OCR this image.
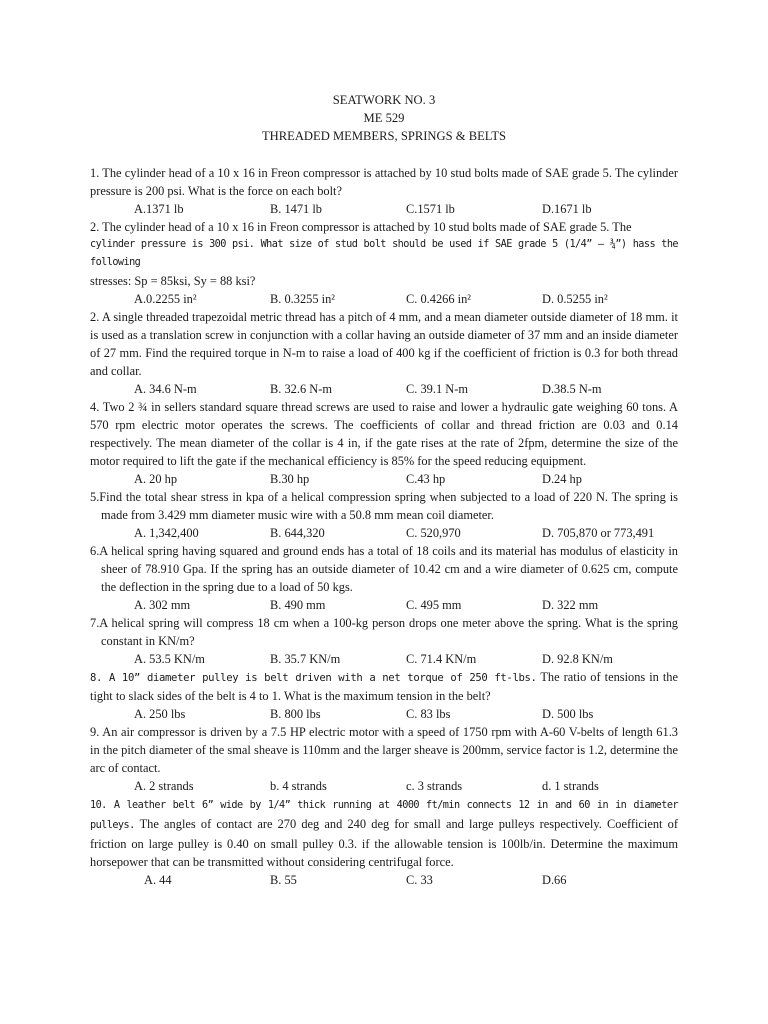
SEATWORK NO. 3
ME 529
THREADED MEMBERS, SPRINGS & BELTS

1. The cylinder head of a 10 x 16 in Freon compressor is attached by 10 stud bolts made of SAE grade 5. The cylinder pressure is 200 psi. What is the force on each bolt?

A.1371 lb	B. 1471 lb	C.1571 lb	D.1671 lb

2. The cylinder head of a 10 x 16 in Freon compressor is attached by 10 stud bolts made of SAE grade 5. The

cylinder pressure is 300 psi. What size of stud bolt should be used if SAE grade 5 (1/4” – ¾”) hass the following

stresses: Sp = 85ksi, Sy = 88 ksi?

A.0.2255 in²	B. 0.3255 in²	C. 0.4266 in²	D. 0.5255 in²

2. A single threaded trapezoidal metric thread has a pitch of 4 mm, and a mean diameter outside diameter of 18 mm. it is used as a translation screw in conjunction with a collar having an outside diameter of 37 mm and an inside diameter of 27 mm. Find the required torque in N-m to raise a load of 400 kg if the coefficient of friction is 0.3 for both thread and collar.

A. 34.6 N-m	B. 32.6 N-m	C. 39.1 N-m	D.38.5 N-m

4. Two 2 ¾ in sellers standard square thread screws are used to raise and lower a hydraulic gate weighing 60 tons. A 570 rpm electric motor operates the screws. The coefficients of collar and thread friction are 0.03 and 0.14 respectively. The mean diameter of the collar is 4 in, if the gate rises at the rate of 2fpm, determine the size of the motor required to lift the gate if the mechanical efficiency is 85% for the speed reducing equipment.

A. 20 hp	B.30 hp	C.43 hp	D.24 hp

5.Find the total shear stress in kpa of a helical compression spring when subjected to a load of 220 N. The spring is made from 3.429 mm diameter music wire with a 50.8 mm mean coil diameter.

A. 1,342,400	B. 644,320	C. 520,970	D. 705,870 or 773,491

6.A helical spring having squared and ground ends has a total of 18 coils and its material has modulus of elasticity in sheer of 78.910 Gpa. If the spring has an outside diameter of 10.42 cm and a wire diameter of 0.625 cm, compute the deflection in the spring due to a load of 50 kgs.

A. 302 mm	B. 490 mm	C. 495 mm	D. 322 mm

7.A helical spring will compress 18 cm when a 100-kg person drops one meter above the spring. What is the spring constant in KN/m?

A. 53.5 KN/m	B. 35.7 KN/m	C. 71.4 KN/m	D. 92.8 KN/m

8. A 10” diameter pulley is belt driven with a net torque of 250 ft-lbs. The ratio of tensions in the tight to slack sides of the belt is 4 to 1. What is the maximum tension in the belt?

A. 250 lbs	B. 800 lbs	C. 83 lbs	D. 500 lbs

9. An air compressor is driven by a 7.5 HP electric motor with a speed of 1750 rpm with A-60 V-belts of length 61.3 in the pitch diameter of the smal sheave is 110mm and the larger sheave is 200mm, service factor is 1.2, determine the arc of contact.

A. 2 strands	b. 4 strands	c. 3 strands	d. 1 strands

10. A leather belt 6” wide by 1/4” thick running at 4000 ft/min connects 12 in and 60 in in diameter pulleys. The angles of contact are 270 deg and 240 deg for small and large pulleys respectively. Coefficient of friction on large pulley is 0.40 on small pulley 0.3. if the allowable tension is 100lb/in. Determine the maximum horsepower that can be transmitted without considering centrifugal force.

A. 44	B. 55	C. 33	D.66
